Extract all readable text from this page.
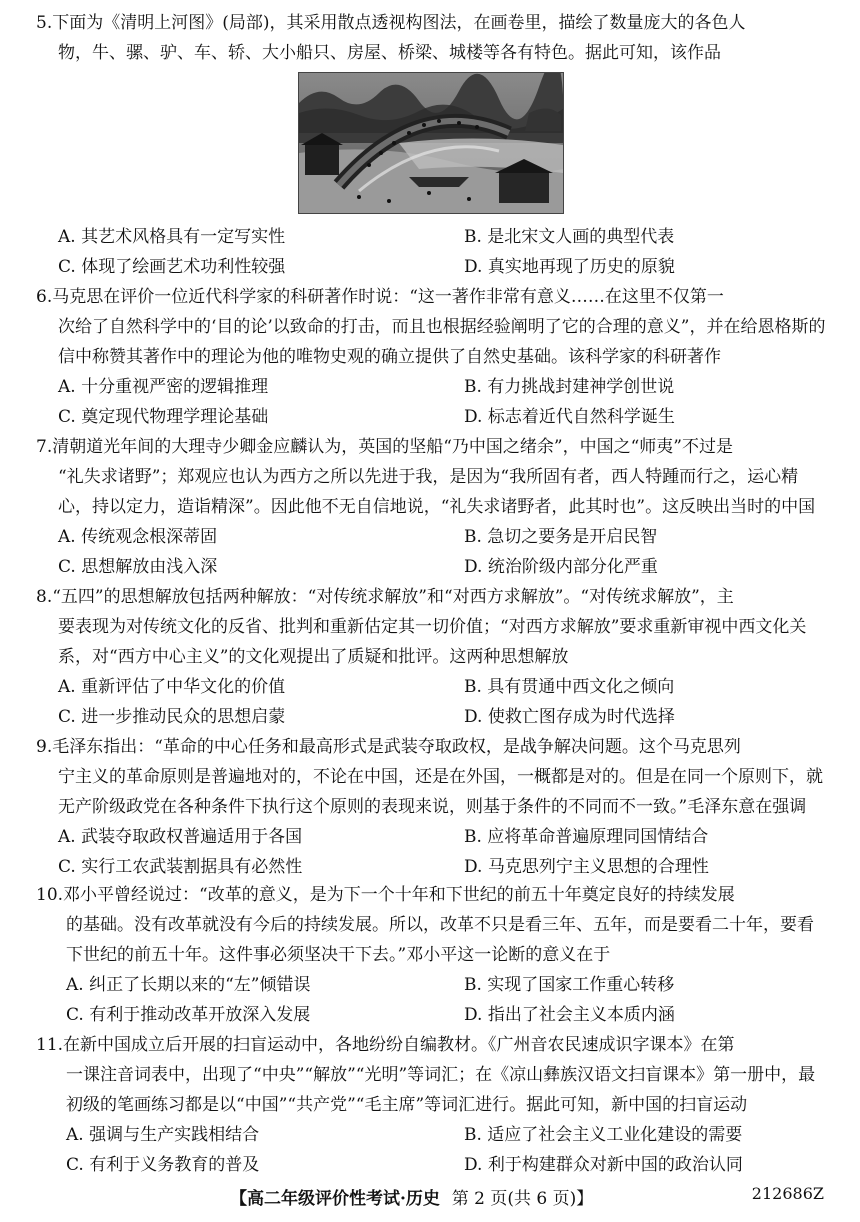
5.下面为《清明上河图》(局部)，其采用散点透视构图法，在画卷里，描绘了数量庞大的各色人
物，牛、骡、驴、车、轿、大小船只、房屋、桥梁、城楼等各有特色。据此可知，该作品
A. 其艺术风格具有一定写实性	B. 是北宋文人画的典型代表
C. 体现了绘画艺术功利性较强	D. 真实地再现了历史的原貌
6.马克思在评价一位近代科学家的科研著作时说：“这一著作非常有意义……在这里不仅第一
次给了自然科学中的‘目的论’以致命的打击，而且也根据经验阐明了它的合理的意义”，并在给恩格斯的信中称赞其著作中的理论为他的唯物史观的确立提供了自然史基础。该科学家的科研著作
A. 十分重视严密的逻辑推理	B. 有力挑战封建神学创世说
C. 奠定现代物理学理论基础	D. 标志着近代自然科学诞生
7.清朝道光年间的大理寺少卿金应麟认为，英国的坚船“乃中国之绪余”，中国之“师夷”不过是
“礼失求诸野”；郑观应也认为西方之所以先进于我，是因为“我所固有者，西人特踵而行之，运心精心，持以定力，造诣精深”。因此他不无自信地说，“礼失求诸野者，此其时也”。这反映出当时的中国
A. 传统观念根深蒂固	B. 急切之要务是开启民智
C. 思想解放由浅入深	D. 统治阶级内部分化严重
8.“五四”的思想解放包括两种解放：“对传统求解放”和“对西方求解放”。“对传统求解放”，主
要表现为对传统文化的反省、批判和重新估定其一切价值；“对西方求解放”要求重新审视中西文化关系，对“西方中心主义”的文化观提出了质疑和批评。这两种思想解放
A. 重新评估了中华文化的价值	B. 具有贯通中西文化之倾向
C. 进一步推动民众的思想启蒙	D. 使救亡图存成为时代选择
9.毛泽东指出：“革命的中心任务和最高形式是武装夺取政权，是战争解决问题。这个马克思列
宁主义的革命原则是普遍地对的，不论在中国，还是在外国，一概都是对的。但是在同一个原则下，就无产阶级政党在各种条件下执行这个原则的表现来说，则基于条件的不同而不一致。”毛泽东意在强调
A. 武装夺取政权普遍适用于各国	B. 应将革命普遍原理同国情结合
C. 实行工农武装割据具有必然性	D. 马克思列宁主义思想的合理性
10.邓小平曾经说过：“改革的意义，是为下一个十年和下世纪的前五十年奠定良好的持续发展
的基础。没有改革就没有今后的持续发展。所以，改革不只是看三年、五年，而是要看二十年，要看下世纪的前五十年。这件事必须坚决干下去。”邓小平这一论断的意义在于
A. 纠正了长期以来的“左”倾错误	B. 实现了国家工作重心转移
C. 有利于推动改革开放深入发展	D. 指出了社会主义本质内涵
11.在新中国成立后开展的扫盲运动中，各地纷纷自编教材。《广州音农民速成识字课本》在第
一课注音词表中，出现了“中央”“解放”“光明”等词汇；在《凉山彝族汉语文扫盲课本》第一册中，最初级的笔画练习都是以“中国”“共产党”“毛主席”等词汇进行。据此可知，新中国的扫盲运动
A. 强调与生产实践相结合	B. 适应了社会主义工业化建设的需要
C. 有利于义务教育的普及	D. 利于构建群众对新中国的政治认同
【高二年级评价性考试·历史 第 2 页(共 6 页)】	212686Z
